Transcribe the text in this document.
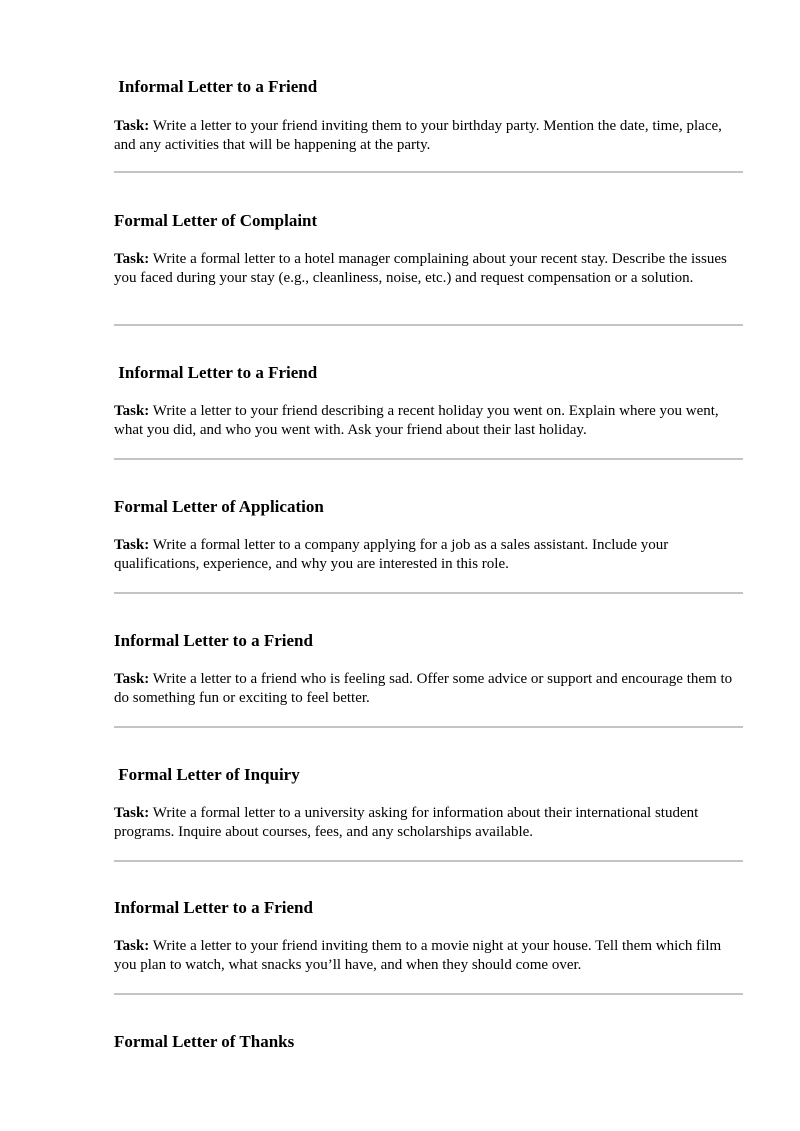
Informal Letter to a Friend

Task: Write a letter to your friend inviting them to your birthday party. Mention the date, time, place, and any activities that will be happening at the party.

Formal Letter of Complaint

Task: Write a formal letter to a hotel manager complaining about your recent stay. Describe the issues you faced during your stay (e.g., cleanliness, noise, etc.) and request compensation or a solution.

Informal Letter to a Friend

Task: Write a letter to your friend describing a recent holiday you went on. Explain where you went, what you did, and who you went with. Ask your friend about their last holiday.

Formal Letter of Application

Task: Write a formal letter to a company applying for a job as a sales assistant. Include your qualifications, experience, and why you are interested in this role.

Informal Letter to a Friend

Task: Write a letter to a friend who is feeling sad. Offer some advice or support and encourage them to do something fun or exciting to feel better.

Formal Letter of Inquiry

Task: Write a formal letter to a university asking for information about their international student programs. Inquire about courses, fees, and any scholarships available.

Informal Letter to a Friend

Task: Write a letter to your friend inviting them to a movie night at your house. Tell them which film you plan to watch, what snacks you’ll have, and when they should come over.

Formal Letter of Thanks
